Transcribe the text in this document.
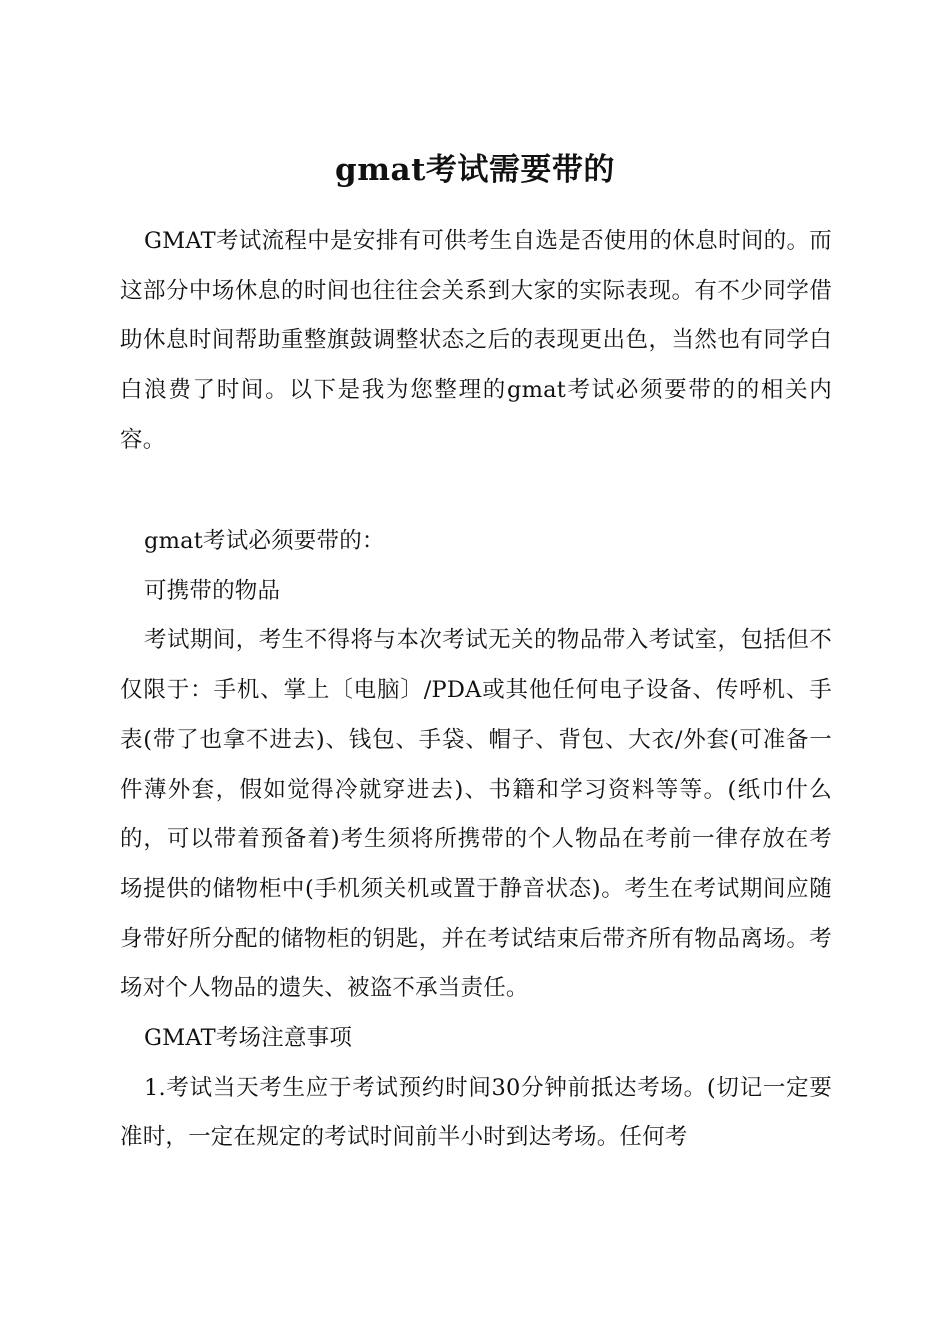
gmat考试需要带的

GMAT考试流程中是安排有可供考生自选是否使用的休息时间的。而这部分中场休息的时间也往往会关系到大家的实际表现。有不少同学借助休息时间帮助重整旗鼓调整状态之后的表现更出色，当然也有同学白白浪费了时间。以下是我为您整理的gmat考试必须要带的的相关内容。

gmat考试必须要带的：

可携带的物品

考试期间，考生不得将与本次考试无关的物品带入考试室，包括但不仅限于：手机、掌上〔电脑〕/PDA或其他任何电子设备、传呼机、手表(带了也拿不进去)、钱包、手袋、帽子、背包、大衣/外套(可准备一件薄外套，假如觉得冷就穿进去)、书籍和学习资料等等。(纸巾什么的，可以带着预备着)考生须将所携带的个人物品在考前一律存放在考场提供的储物柜中(手机须关机或置于静音状态)。考生在考试期间应随身带好所分配的储物柜的钥匙，并在考试结束后带齐所有物品离场。考场对个人物品的遗失、被盗不承当责任。

GMAT考场注意事项

1.考试当天考生应于考试预约时间30分钟前抵达考场。(切记一定要准时，一定在规定的考试时间前半小时到达考场。任何考
